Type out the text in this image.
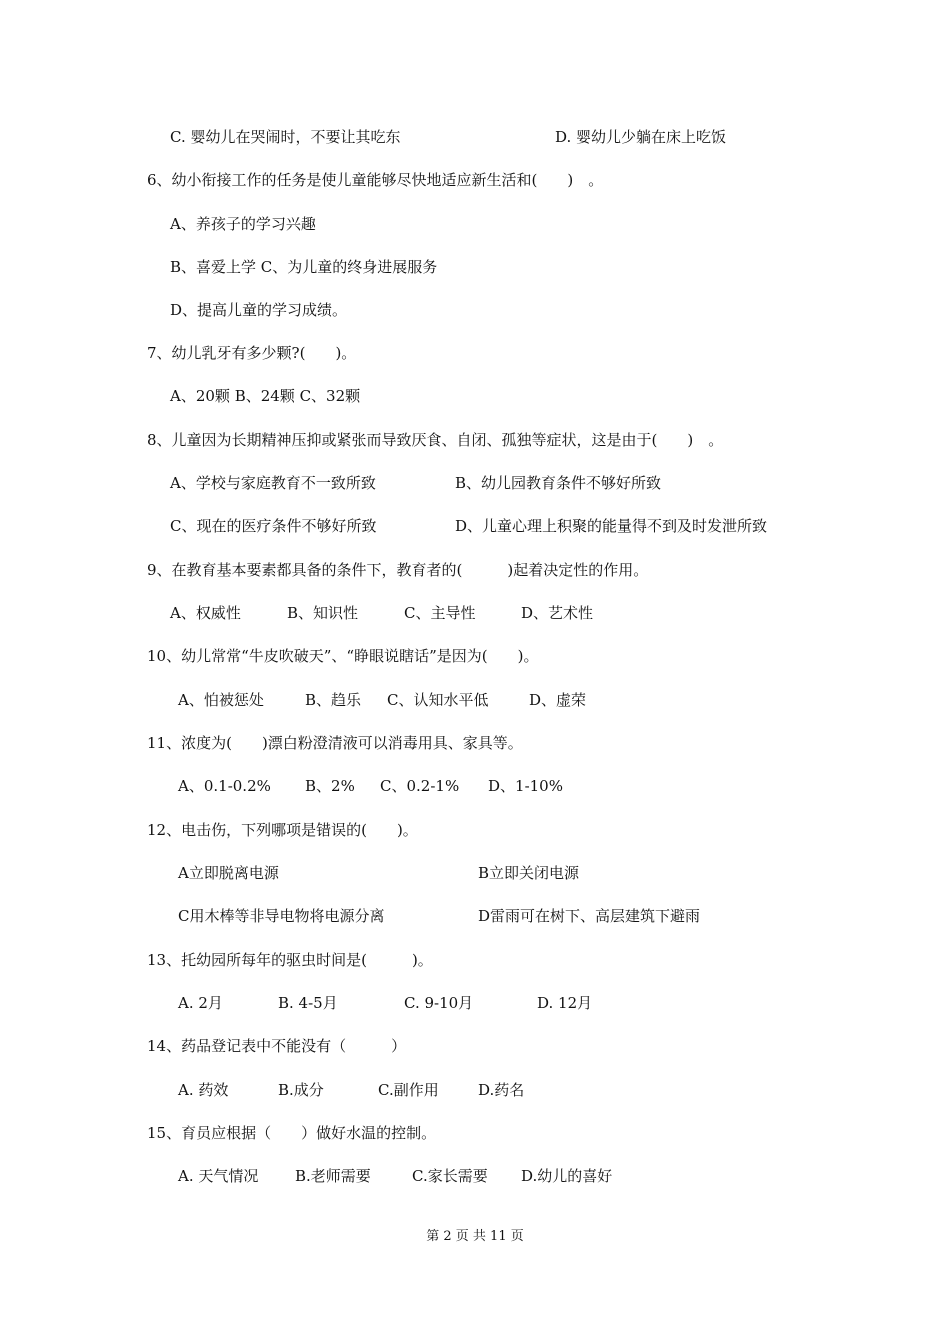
C. 婴幼儿在哭闹时，不要让其吃东	D. 婴幼儿少躺在床上吃饭
6、幼小衔接工作的任务是使儿童能够尽快地适应新生活和(　　)　。
A、养孩子的学习兴趣
B、喜爱上学 C、为儿童的终身进展服务
D、提高儿童的学习成绩。
7、幼儿乳牙有多少颗?(　　)。
A、20颗 B、24颗 C、32颗
8、儿童因为长期精神压抑或紧张而导致厌食、自闭、孤独等症状，这是由于(　　)　。
A、学校与家庭教育不一致所致	B、幼儿园教育条件不够好所致
C、现在的医疗条件不够好所致	D、儿童心理上积聚的能量得不到及时发泄所致
9、在教育基本要素都具备的条件下，教育者的(　　　)起着决定性的作用。
A、权威性	B、知识性	C、主导性	D、艺术性
10、幼儿常常“牛皮吹破天”、“睁眼说瞎话”是因为(　　)。
A、怕被惩处	B、趋乐 C、认知水平低	D、虚荣
11、浓度为(　　)漂白粉澄清液可以消毒用具、家具等。
A、0.1-0.2% B、2% C、0.2-1% D、1-10%
12、电击伤，下列哪项是错误的(　　)。
A立即脱离电源	B立即关闭电源
C用木棒等非导电物将电源分离	D雷雨可在树下、高层建筑下避雨
13、托幼园所每年的驱虫时间是(　　　)。
A. 2月	B. 4-5月	C. 9-10月	D. 12月
14、药品登记表中不能没有（　　　）
A. 药效	B.成分	C.副作用	D.药名
15、育员应根据（　　）做好水温的控制。
A. 天气情况 B.老师需要	C.家长需要 D.幼儿的喜好
第 2 页 共 11 页
